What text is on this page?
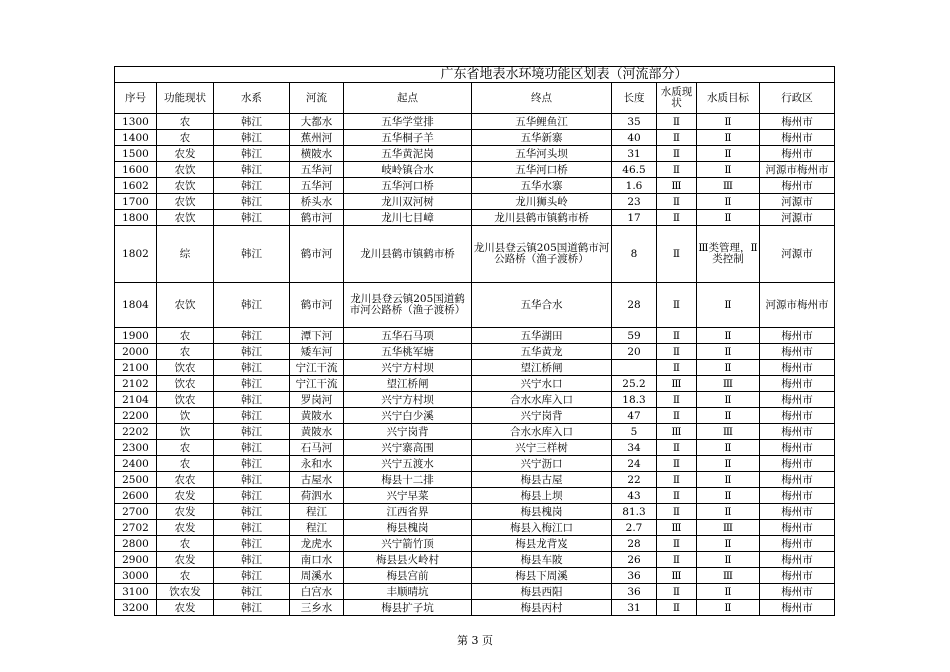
广东省地表水环境功能区划表（河流部分）									
序号	功能现状	水系	河流	起点	终点	长度	水质现状	水质目标	行政区
1300	农	韩江	大都水	五华学堂排	五华鲤鱼江	35	Ⅱ	Ⅱ	梅州市
1400	农	韩江	蕉州河	五华桐子羊	五华新寨	40	Ⅱ	Ⅱ	梅州市
1500	农发	韩江	横陂水	五华黄泥岗	五华河头坝	31	Ⅱ	Ⅱ	梅州市
1600	农饮	韩江	五华河	岐岭镇合水	五华河口桥	46.5	Ⅱ	Ⅱ	河源市梅州市
1602	农饮	韩江	五华河	五华河口桥	五华水寨	1.6	Ⅲ	Ⅲ	梅州市
1700	农饮	韩江	桥头水	龙川双河树	龙川狮头岭	23	Ⅱ	Ⅱ	河源市
1800	农饮	韩江	鹤市河	龙川七目嶂	龙川县鹤市镇鹤市桥	17	Ⅱ	Ⅱ	河源市
1802	综	韩江	鹤市河	龙川县鹤市镇鹤市桥	龙川县登云镇205国道鹤市河公路桥（渔子渡桥）	8	Ⅱ	Ⅲ类管理，Ⅱ类控制	河源市
1804	农饮	韩江	鹤市河	龙川县登云镇205国道鹤市河公路桥（渔子渡桥）	五华合水	28	Ⅱ	Ⅱ	河源市梅州市
1900	农	韩江	潭下河	五华石马项	五华湖田	59	Ⅱ	Ⅱ	梅州市
2000	农	韩江	矮车河	五华桃军塘	五华黄龙	20	Ⅱ	Ⅱ	梅州市
2100	饮农	韩江	宁江干流	兴宁方村坝	望江桥闸		Ⅱ	Ⅱ	梅州市
2102	饮农	韩江	宁江干流	望江桥闸	兴宁水口	25.2	Ⅲ	Ⅲ	梅州市
2104	饮农	韩江	罗岗河	兴宁方村坝	合水水库入口	18.3	Ⅱ	Ⅱ	梅州市
2200	饮	韩江	黄陂水	兴宁白少溪	兴宁岗背	47	Ⅱ	Ⅱ	梅州市
2202	饮	韩江	黄陂水	兴宁岗背	合水水库入口	5	Ⅲ	Ⅲ	梅州市
2300	农	韩江	石马河	兴宁寨高围	兴宁三样树	34	Ⅱ	Ⅱ	梅州市
2400	农	韩江	永和水	兴宁五渡水	兴宁沥口	24	Ⅱ	Ⅱ	梅州市
2500	农农	韩江	古屋水	梅县十二排	梅县古屋	22	Ⅱ	Ⅱ	梅州市
2600	农发	韩江	荷泗水	兴宁早菜	梅县上坝	43	Ⅱ	Ⅱ	梅州市
2700	农发	韩江	程江	江西省界	梅县槐岗	81.3	Ⅱ	Ⅱ	梅州市
2702	农发	韩江	程江	梅县槐岗	梅县入梅江口	2.7	Ⅲ	Ⅲ	梅州市
2800	农	韩江	龙虎水	兴宁箭竹顶	梅县龙背岌	28	Ⅱ	Ⅱ	梅州市
2900	农发	韩江	南口水	梅县县火岭村	梅县车陂	26	Ⅱ	Ⅱ	梅州市
3000	农	韩江	周溪水	梅县宫前	梅县下周溪	36	Ⅲ	Ⅲ	梅州市
3100	饮农发	韩江	白宫水	丰顺晴坑	梅县西阳	36	Ⅱ	Ⅱ	梅州市
3200	农发	韩江	三乡水	梅县扩子坑	梅县丙村	31	Ⅱ	Ⅱ	梅州市
第 3 页
